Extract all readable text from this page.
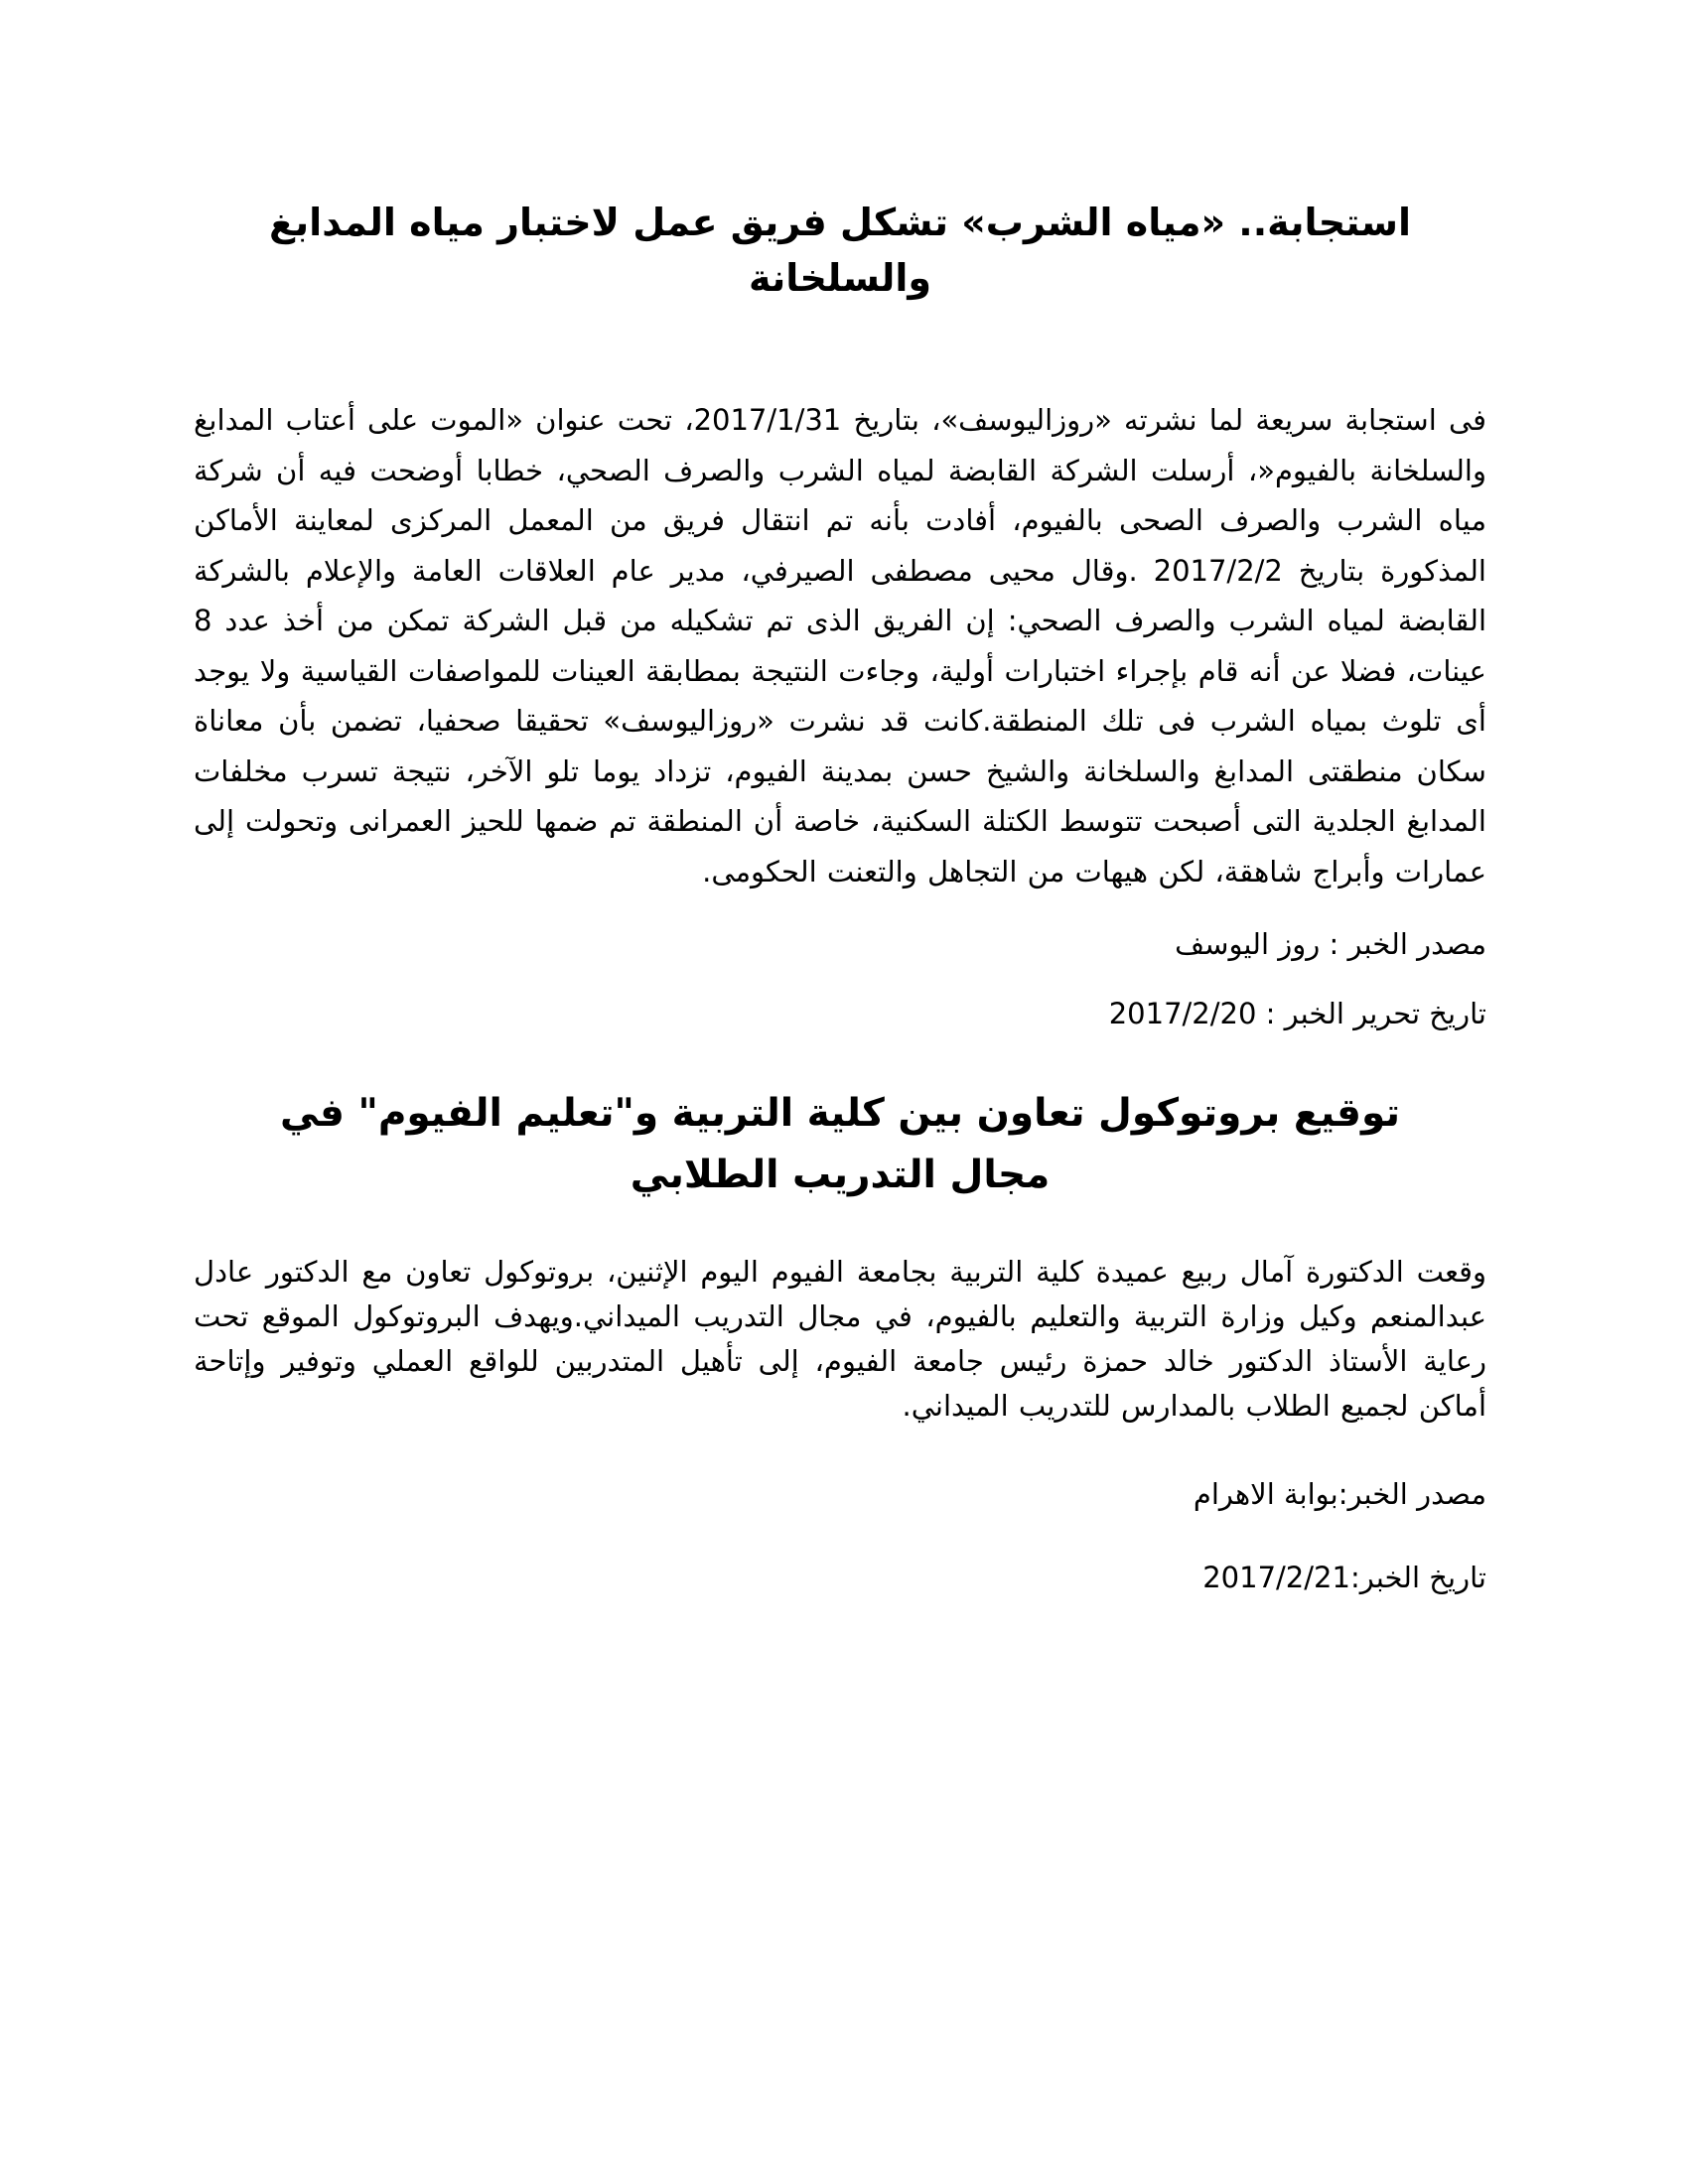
استجابة.. «مياه الشرب» تشكل فريق عمل لاختبار مياه المدابغ والسلخانة

فى استجابة سريعة لما نشرته «روزاليوسف»، بتاريخ 2017/1/31، تحت عنوان «الموت على أعتاب المدابغ والسلخانة بالفيوم«، أرسلت الشركة القابضة لمياه الشرب والصرف الصحي، خطابا أوضحت فيه أن شركة مياه الشرب والصرف الصحى بالفيوم، أفادت بأنه تم انتقال فريق من المعمل المركزى لمعاينة الأماكن المذكورة بتاريخ 2017/2/2 .وقال محيى مصطفى الصيرفي، مدير عام العلاقات العامة والإعلام بالشركة القابضة لمياه الشرب والصرف الصحي: إن الفريق الذى تم تشكيله من قبل الشركة تمكن من أخذ عدد 8 عينات، فضلا عن أنه قام بإجراء اختبارات أولية، وجاءت النتيجة بمطابقة العينات للمواصفات القياسية ولا يوجد أى تلوث بمياه الشرب فى تلك المنطقة.كانت قد نشرت «روزاليوسف» تحقيقا صحفيا، تضمن بأن معاناة سكان منطقتى المدابغ والسلخانة والشيخ حسن بمدينة الفيوم، تزداد يوما تلو الآخر، نتيجة تسرب مخلفات المدابغ الجلدية التى أصبحت تتوسط الكتلة السكنية، خاصة أن المنطقة تم ضمها للحيز العمرانى وتحولت إلى عمارات وأبراج شاهقة، لكن هيهات من التجاهل والتعنت الحكومى.

مصدر الخبر : روز اليوسف

تاريخ تحرير الخبر : 2017/2/20

توقيع بروتوكول تعاون بين كلية التربية و"تعليم الفيوم" في مجال التدريب الطلابي

وقعت الدكتورة آمال ربيع عميدة كلية التربية بجامعة الفيوم اليوم الإثنين، بروتوكول تعاون مع الدكتور عادل عبدالمنعم وكيل وزارة التربية والتعليم بالفيوم، في مجال التدريب الميداني.ويهدف البروتوكول الموقع تحت رعاية الأستاذ الدكتور خالد حمزة رئيس جامعة الفيوم، إلى تأهيل المتدربين للواقع العملي وتوفير وإتاحة أماكن لجميع الطلاب بالمدارس للتدريب الميداني.

مصدر الخبر:بوابة الاهرام

تاريخ الخبر:2017/2/21
